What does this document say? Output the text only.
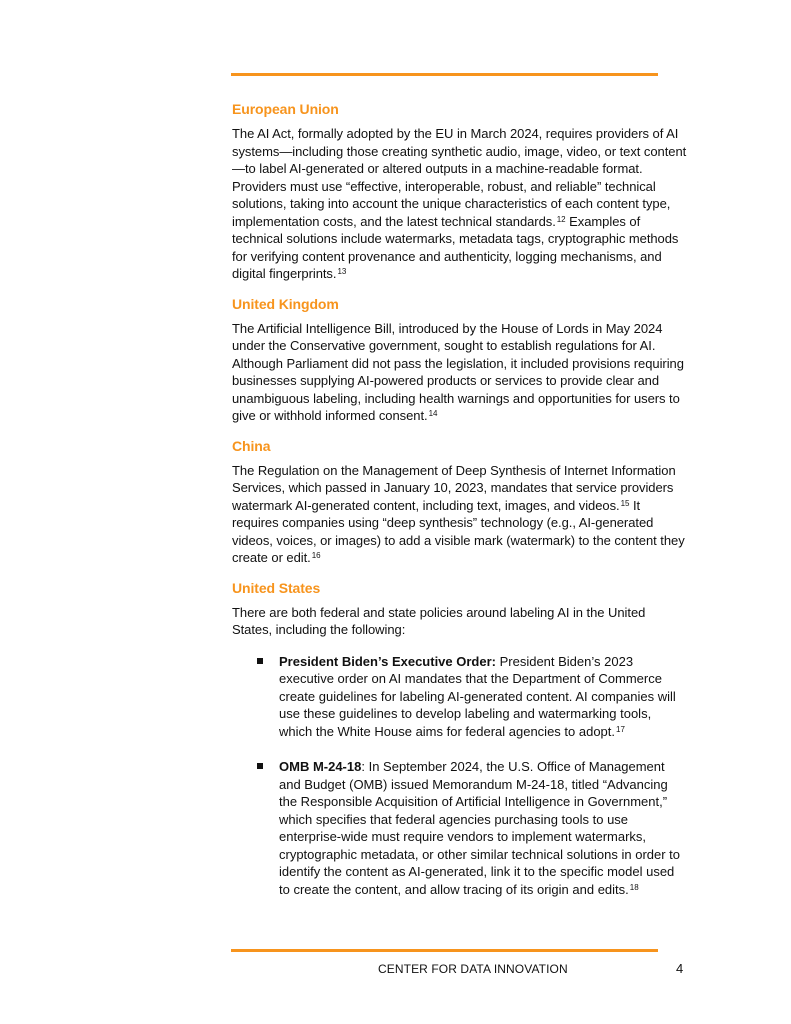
European Union

The AI Act, formally adopted by the EU in March 2024, requires providers of AI systems—including those creating synthetic audio, image, video, or text content—to label AI-generated or altered outputs in a machine-readable format. Providers must use “effective, interoperable, robust, and reliable” technical solutions, taking into account the unique characteristics of each content type, implementation costs, and the latest technical standards.$^{12}$ Examples of technical solutions include watermarks, metadata tags, cryptographic methods for verifying content provenance and authenticity, logging mechanisms, and digital fingerprints.$^{13}$

United Kingdom

The Artificial Intelligence Bill, introduced by the House of Lords in May 2024 under the Conservative government, sought to establish regulations for AI. Although Parliament did not pass the legislation, it included provisions requiring businesses supplying AI-powered products or services to provide clear and unambiguous labeling, including health warnings and opportunities for users to give or withhold informed consent.$^{14}$

China

The Regulation on the Management of Deep Synthesis of Internet Information Services, which passed in January 10, 2023, mandates that service providers watermark AI-generated content, including text, images, and videos.$^{15}$ It requires companies using “deep synthesis” technology (e.g., AI-generated videos, voices, or images) to add a visible mark (watermark) to the content they create or edit.$^{16}$

United States

There are both federal and state policies around labeling AI in the United States, including the following:

President Biden’s Executive Order: President Biden’s 2023 executive order on AI mandates that the Department of Commerce create guidelines for labeling AI-generated content. AI companies will use these guidelines to develop labeling and watermarking tools, which the White House aims for federal agencies to adopt.$^{17}$
OMB M-24-18: In September 2024, the U.S. Office of Management and Budget (OMB) issued Memorandum M-24-18, titled “Advancing the Responsible Acquisition of Artificial Intelligence in Government,” which specifies that federal agencies purchasing tools to use enterprise-wide must require vendors to implement watermarks, cryptographic metadata, or other similar technical solutions in order to identify the content as AI-generated, link it to the specific model used to create the content, and allow tracing of its origin and edits.$^{18}$
CENTER FOR DATA INNOVATION	4
